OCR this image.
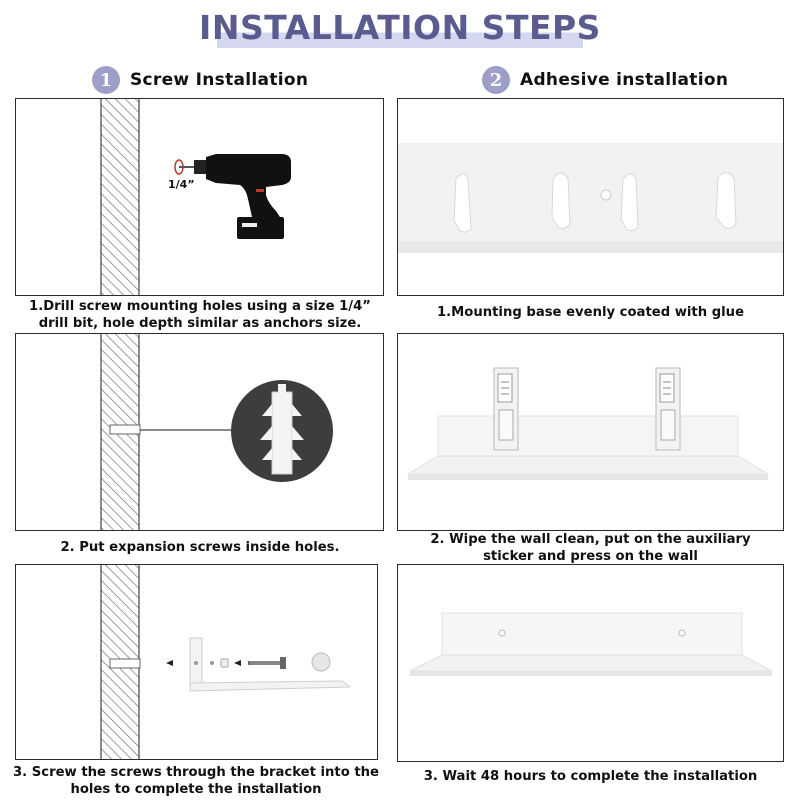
INSTALLATION STEPS
1	Screw Installation	2	Adhesive installation
1/4”
1.Drill screw mounting holes using a size 1/4”
drill bit, hole depth similar as anchors size.
2. Put expansion screws inside holes.
3. Screw the screws through the bracket into the
holes to complete the installation
1.Mounting base evenly coated with glue
2. Wipe the wall clean, put on the auxiliary
sticker and press on the wall
3. Wait 48 hours to complete the installation
